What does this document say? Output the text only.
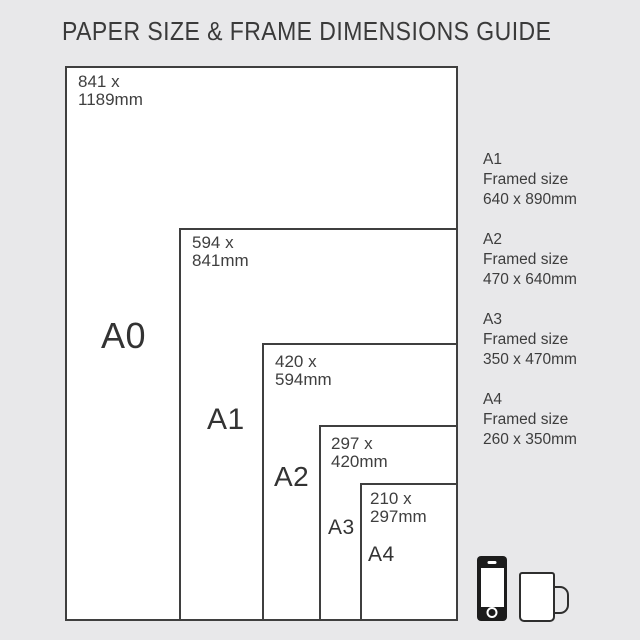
PAPER SIZE & FRAME DIMENSIONS GUIDE
841 x
1189mm
594 x
841mm
420 x
594mm
297 x
420mm
210 x
297mm
A0
A1
A2
A3
A4
A1
Framed size
640 x 890mm
A2
Framed size
470 x 640mm
A3
Framed size
350 x 470mm
A4
Framed size
260 x 350mm
